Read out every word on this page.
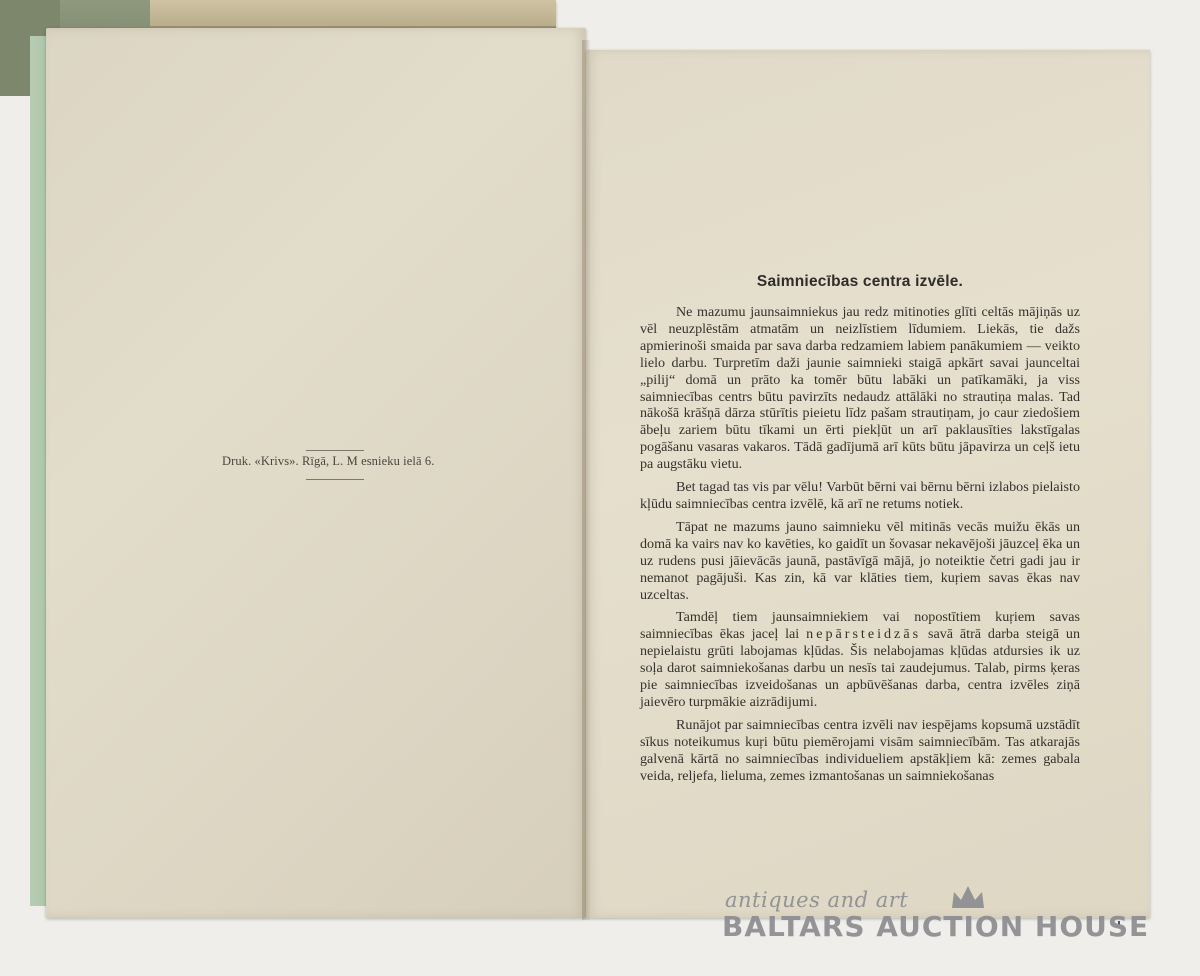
Druk. «Krivs». Rīgā, L. M esnieku ielā 6.
Saimniecības centra izvēle.

Ne mazumu jaunsaimniekus jau redz mitinoties glīti celtās mājiņās uz vēl neuzplēstām atmatām un neizlīstiem līdumiem. Liekās, tie dažs apmierinoši smaida par sava darba redzamiem labiem panākumiem — veikto lielo darbu. Turpretīm daži jaunie saimnieki staigā apkārt savai jaunceltai „pilij“ domā un prāto ka tomēr būtu labāki un patīkamāki, ja viss saimniecības centrs būtu pavirzīts nedaudz attālāki no strautiņa malas. Tad nākošā krāšņā dārza stūrītis pieietu līdz pašam strautiņam, jo caur ziedošiem ābeļu zariem būtu tīkami un ērti piekļūt un arī paklausīties lakstīgalas pogāšanu vasaras vakaros. Tādā gadījumā arī kūts būtu jāpavirza un ceļš ietu pa augstāku vietu.

Bet tagad tas vis par vēlu! Varbūt bērni vai bērnu bērni izlabos pielaisto kļūdu saimniecības centra izvēlē, kā arī ne retums notiek.

Tāpat ne mazums jauno saimnieku vēl mitinās vecās muižu ēkās un domā ka vairs nav ko kavēties, ko gaidīt un šovasar nekavējoši jāuzceļ ēka un uz rudens pusi jāievācās jaunā, pastāvīgā mājā, jo noteiktie četri gadi jau ir nemanot pagājuši. Kas zin, kā var klāties tiem, kuŗiem savas ēkas nav uzceltas.

Tamdēļ tiem jaunsaimniekiem vai nopostītiem kuŗiem savas saimniecības ēkas jaceļ lai nepārsteidzās savā ātrā darba steigā un nepielaistu grūti labojamas kļūdas. Šis nelabojamas kļūdas atdursies ik uz soļa darot saimniekošanas darbu un nesīs tai zaudejumus. Talab, pirms ķeras pie saimniecības izveidošanas un apbūvēšanas darba, centra izvēles ziņā jaievēro turpmākie aizrādijumi.

Runājot par saimniecības centra izvēli nav iespējams kopsumā uzstādīt sīkus noteikumus kuŗi būtu piemērojami visām saimniecībām. Tas atkarajās galvenā kārtā no saimniecības individueliem apstākļiem kā: zemes gabala veida, reljefa, lieluma, zemes izmantošanas un saimniekošanas

antiques and art
BALTARS AUCTION HOUSE
